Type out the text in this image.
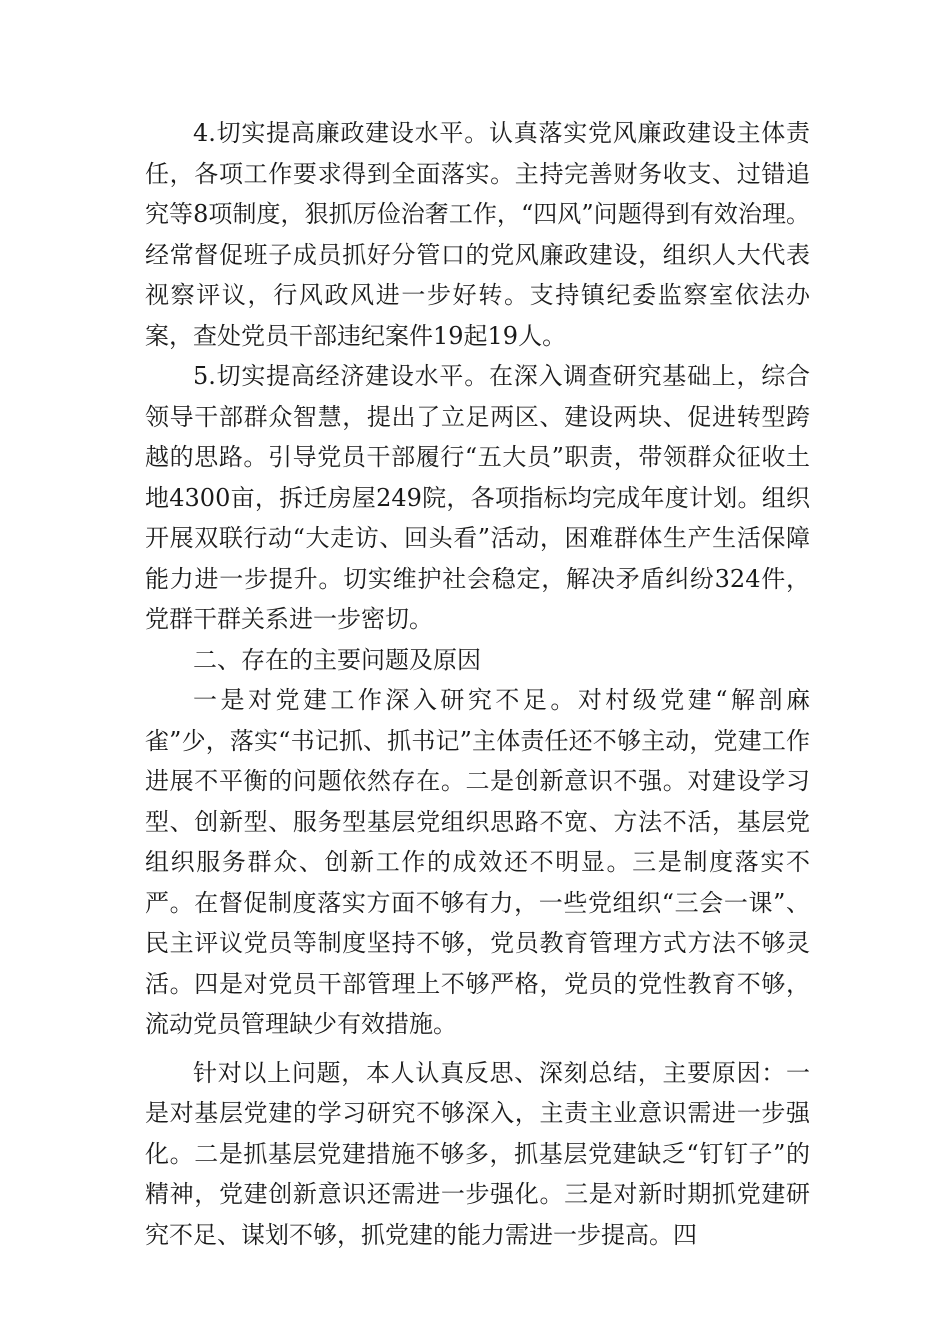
4.切实提高廉政建设水平。认真落实党风廉政建设主体责任，各项工作要求得到全面落实。主持完善财务收支、过错追究等8项制度，狠抓厉俭治奢工作，“四风”问题得到有效治理。经常督促班子成员抓好分管口的党风廉政建设，组织人大代表视察评议，行风政风进一步好转。支持镇纪委监察室依法办案，查处党员干部违纪案件19起19人。

5.切实提高经济建设水平。在深入调查研究基础上，综合领导干部群众智慧，提出了立足两区、建设两块、促进转型跨越的思路。引导党员干部履行“五大员”职责，带领群众征收土地4300亩，拆迁房屋249院，各项指标均完成年度计划。组织开展双联行动“大走访、回头看”活动，困难群体生产生活保障能力进一步提升。切实维护社会稳定，解决矛盾纠纷324件，党群干群关系进一步密切。

二、存在的主要问题及原因

一是对党建工作深入研究不足。对村级党建“解剖麻雀”少，落实“书记抓、抓书记”主体责任还不够主动，党建工作进展不平衡的问题依然存在。二是创新意识不强。对建设学习型、创新型、服务型基层党组织思路不宽、方法不活，基层党组织服务群众、创新工作的成效还不明显。三是制度落实不严。在督促制度落实方面不够有力，一些党组织“三会一课”、民主评议党员等制度坚持不够，党员教育管理方式方法不够灵活。四是对党员干部管理上不够严格，党员的党性教育不够，流动党员管理缺少有效措施。

针对以上问题，本人认真反思、深刻总结，主要原因：一是对基层党建的学习研究不够深入，主责主业意识需进一步强化。二是抓基层党建措施不够多，抓基层党建缺乏“钉钉子”的精神，党建创新意识还需进一步强化。三是对新时期抓党建研究不足、谋划不够，抓党建的能力需进一步提高。四
